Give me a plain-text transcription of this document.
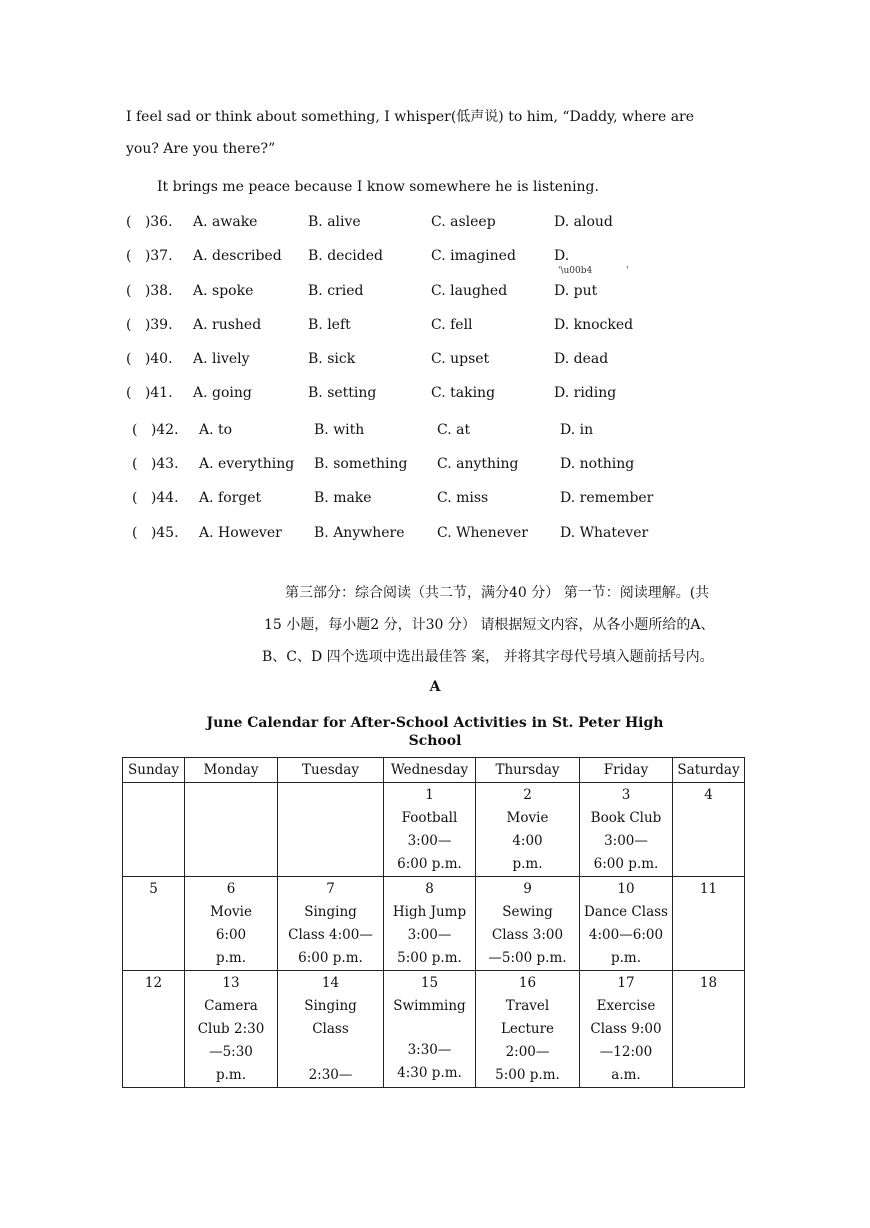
I feel sad or think about something, I whisper(低声说) to him, “Daddy, where are
you? Are you there?”
It brings me peace because I know somewhere he is listening.
(   )36. A. awake	B. alive	C. asleep	D. aloud
(   )37. A. described B. decided	C. imagined	D.
'\u00b4	'
(   )38. A. spoke	B. cried	C. laughed	D. put
(   )39. A. rushed	B. left	C. fell	D. knocked
(   )40. A. lively	B. sick	C. upset	D. dead
(   )41. A. going	B. setting	C. taking	D. riding
(   )42. A. to	B. with	C. at	D. in
(   )43. A. everything B. something C. anything	D. nothing
(   )44. A. forget	B. make	C. miss	D. remember
(   )45. A. However B. Anywhere C. Whenever D. Whatever
第三部分：综合阅读（共二节，满分40 分） 第一节：阅读理解。(共
15 小题，每小题2 分，计30 分） 请根据短文内容，从各小题所给的A、
B、C、D 四个选项中选出最佳答 案， 并将其字母代号填入题前括号内。
A
June Calendar for After-School Activities in St. Peter High
School
Sunday	Monday	Tuesday	Wednesday	Thursday	Friday	Saturday

			1
Football
3:00—
6:00 p.m.	2
Movie
4:00
p.m.	3
Book Club
3:00—
6:00 p.m.	4

5	6
Movie
6:00
p.m.	7
Singing
Class 4:00—
6:00 p.m.	8
High Jump
3:00—
5:00 p.m.	9
Sewing
Class 3:00
—5:00 p.m.	10
Dance Class
4:00—6:00
p.m.	11

12	13
Camera
Club 2:30
—5:30
p.m.	14
Singing
Class
2:30—	15
Swimming
3:30—
4:30 p.m.	16
Travel
Lecture
2:00—
5:00 p.m.	17
Exercise
Class 9:00
—12:00
a.m.	18
